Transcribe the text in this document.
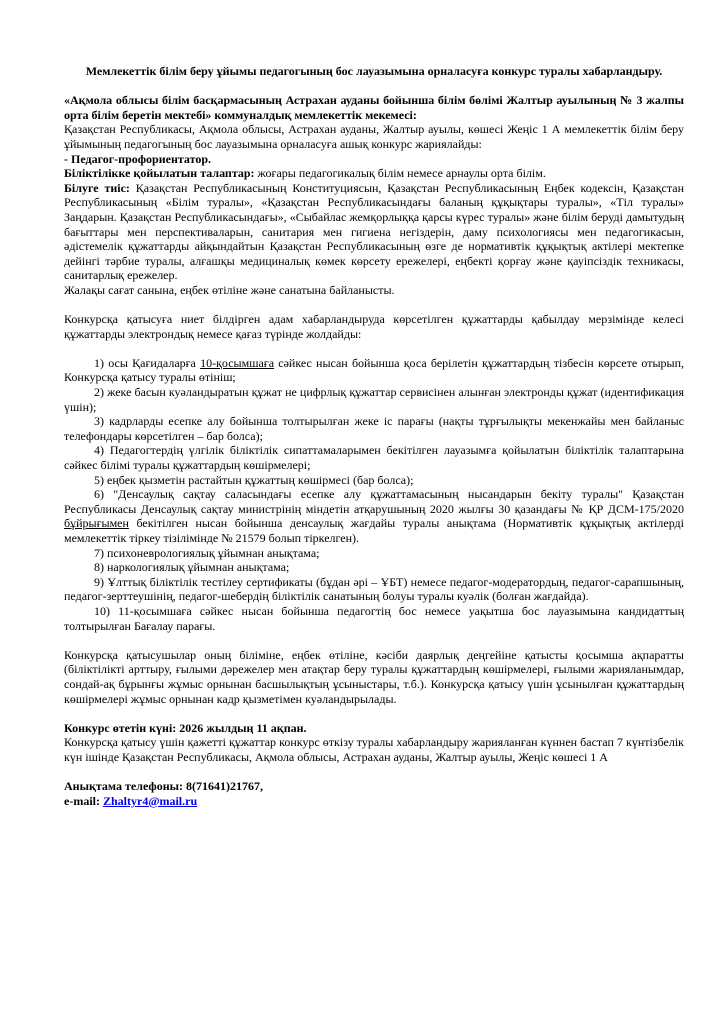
Мемлекеттік білім беру ұйымы педагогының бос лауазымына орналасуға конкурс туралы хабарландыру.

«Ақмола облысы білім басқармасының Астрахан ауданы бойынша білім бөлімі Жалтыр ауылының № 3 жалпы орта білім беретін мектебі» коммуналдық мемлекеттік мекемесі:

Қазақстан Республикасы, Ақмола облысы, Астрахан ауданы, Жалтыр ауылы, көшесі Жеңіс 1 А мемлекеттік білім беру ұйымының педагогының бос лауазымына орналасуға ашық конкурс жариялайды:

- Педагог-профориентатор.

Біліктілікке қойылатын талаптар: жоғары педагогикалық білім немесе арнаулы орта білім.

Білуге тиіс: Қазақстан Республикасының Конституциясын, Қазақстан Республикасының Еңбек кодексін, Қазақстан Республикасының «Білім туралы», «Қазақстан Республикасындағы баланың құқықтары туралы», «Тіл туралы» Заңдарын. Қазақстан Республикасындағы», «Сыбайлас жемқорлыққа қарсы күрес туралы» және білім беруді дамытудың бағыттары мен перспективаларын, санитария мен гигиена негіздерін, даму психологиясы мен педагогикасын, әдістемелік құжаттарды айқындайтын Қазақстан Республикасының өзге де нормативтік құқықтық актілері мектепке дейінгі тәрбие туралы, алғашқы медициналық көмек көрсету ережелері, еңбекті қорғау және қауіпсіздік техникасы, санитарлық ережелер.

Жалақы сағат санына, еңбек өтіліне және санатына байланысты.

Конкурсқа қатысуға ниет білдірген адам хабарландыруда көрсетілген құжаттарды қабылдау мерзімінде келесі құжаттарды электрондық немесе қағаз түрінде жолдайды:

1) осы Қағидаларға 10-қосымшаға сәйкес нысан бойынша қоса берілетін құжаттардың тізбесін көрсете отырып, Конкурсқа қатысу туралы өтініш;

2) жеке басын куәландыратын құжат не цифрлық құжаттар сервисінен алынған электронды құжат (идентификация үшін);

3) кадрларды есепке алу бойынша толтырылған жеке іс парағы (нақты тұрғылықты мекенжайы мен байланыс телефондары көрсетілген – бар болса);

4) Педагогтердің үлгілік біліктілік сипаттамаларымен бекітілген лауазымға қойылатын біліктілік талаптарына сәйкес білімі туралы құжаттардың көшірмелері;

5) еңбек қызметін растайтын құжаттың көшірмесі (бар болса);

6) "Денсаулық сақтау саласындағы есепке алу құжаттамасының нысандарын бекіту туралы" Қазақстан Республикасы Денсаулық сақтау министрінің міндетін атқарушының 2020 жылғы 30 қазандағы № ҚР ДСМ-175/2020 бұйрығымен бекітілген нысан бойынша денсаулық жағдайы туралы анықтама (Нормативтік құқықтық актілерді мемлекеттік тіркеу тізілімінде № 21579 болып тіркелген).

7) психоневрологиялық ұйымнан анықтама;

8) наркологиялық ұйымнан анықтама;

9) Ұлттық біліктілік тестілеу сертификаты (бұдан әрі – ҰБТ) немесе педагог-модератордың, педагог-сарапшының, педагог-зерттеушінің, педагог-шебердің біліктілік санатының болуы туралы куәлік (болған жағдайда).

10) 11-қосымшаға сәйкес нысан бойынша педагогтің бос немесе уақытша бос лауазымына кандидаттың толтырылған Бағалау парағы.

Конкурсқа қатысушылар оның біліміне, еңбек өтіліне, кәсіби даярлық деңгейіне қатысты қосымша ақпаратты (біліктілікті арттыру, ғылыми дәрежелер мен атақтар беру туралы құжаттардың көшірмелері, ғылыми жарияланымдар, сондай-ақ бұрынғы жұмыс орнынан басшылықтың ұсыныстары, т.б.). Конкурсқа қатысу үшін ұсынылған құжаттардың көшірмелері жұмыс орнынан кадр қызметімен куәландырылады.

Конкурс өтетін күні: 2026 жылдың 11 ақпан.

Конкурсқа қатысу үшін қажетті құжаттар конкурс өткізу туралы хабарландыру жарияланған күннен бастап 7 күнтізбелік күн ішінде Қазақстан Республикасы, Ақмола облысы, Астрахан ауданы, Жалтыр ауылы, Жеңіс көшесі 1 А

Анықтама телефоны: 8(71641)21767,

e-mail: Zhaltyr4@mail.ru
